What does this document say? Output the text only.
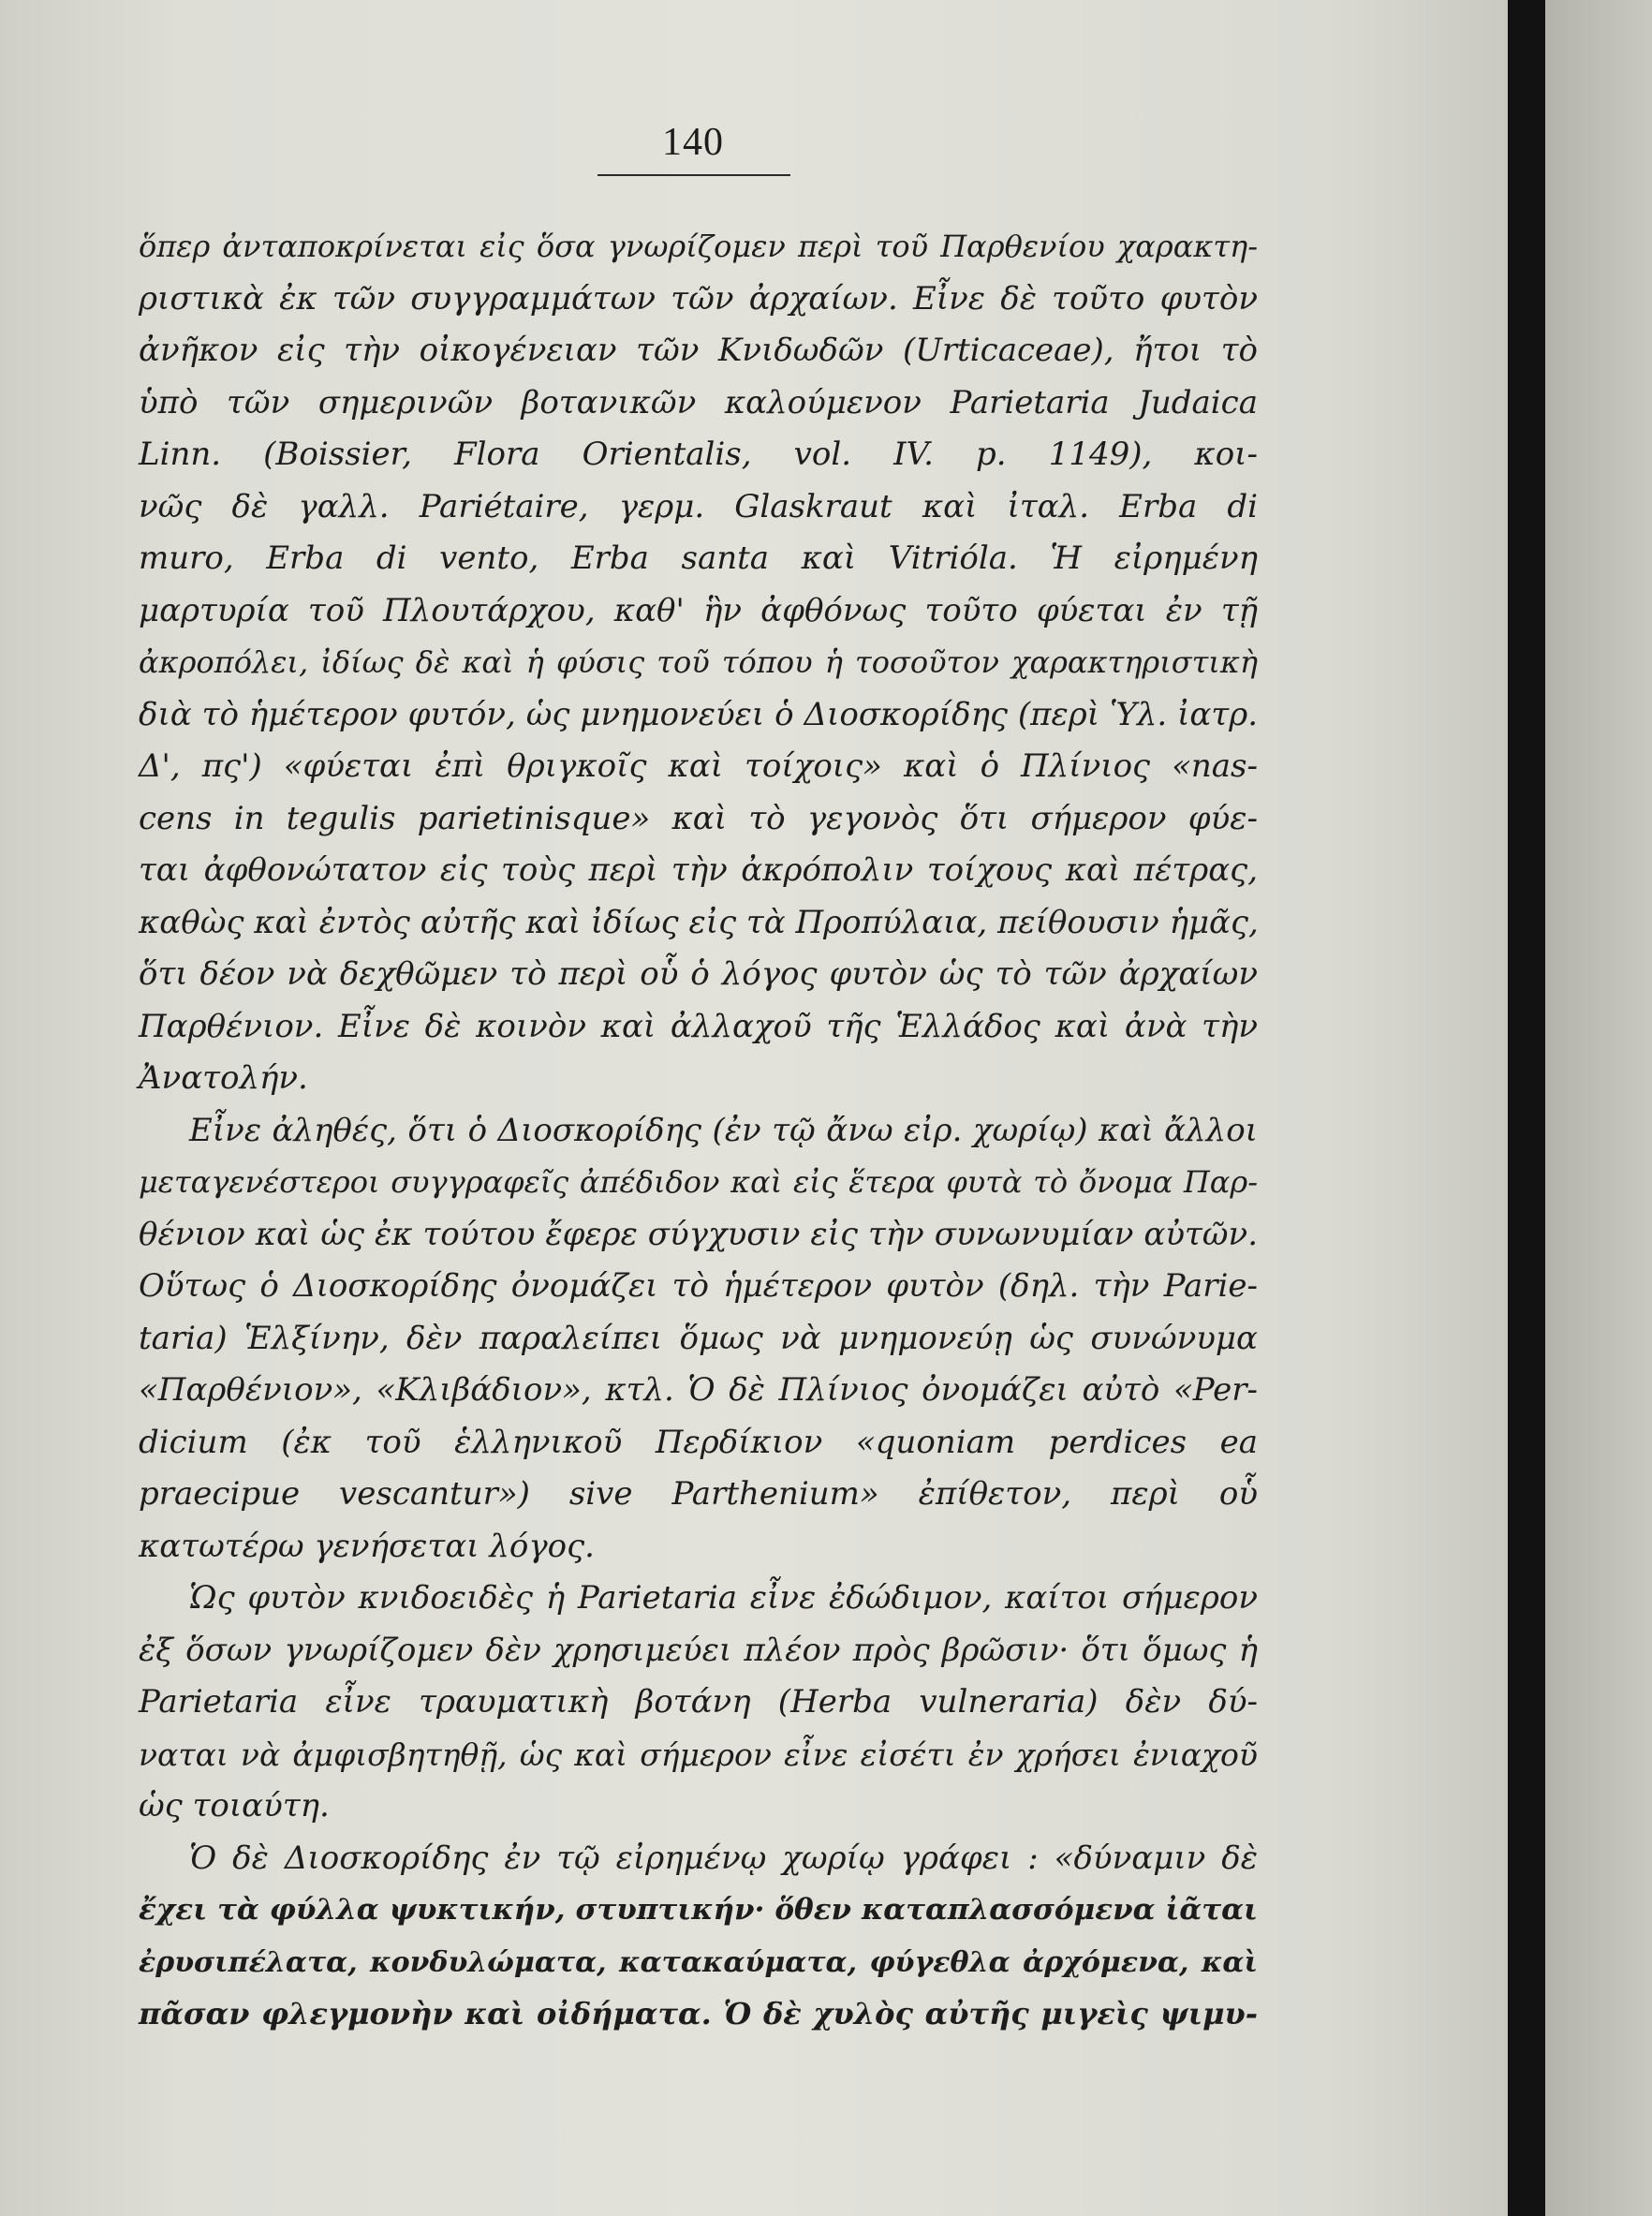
140
ὅπερ ἀνταποκρίνεται εἰς ὅσα γνωρίζομεν περὶ τοῦ Παρθενίου χαρακτη-
ριστικὰ ἐκ τῶν συγγραμμάτων τῶν ἀρχαίων. Εἶνε δὲ τοῦτο φυτὸν
ἀνῆκον εἰς τὴν οἰκογένειαν τῶν Κνιδωδῶν (Urticaceae), ἤτοι τὸ
ὑπὸ τῶν σημερινῶν βοτανικῶν καλούμενον Parietaria Judaica
Linn. (Boissier, Flora Orientalis, vol. IV. p. 1149), κοι-
νῶς δὲ γαλλ. Pariétaire, γερμ. Glaskraut καὶ ἰταλ. Erba di
muro, Erba di vento, Erba santa καὶ Vitrióla. Ἡ εἰρημένη
μαρτυρία τοῦ Πλουτάρχου, καθ' ἣν ἀφθόνως τοῦτο φύεται ἐν τῇ
ἀκροπόλει, ἰδίως δὲ καὶ ἡ φύσις τοῦ τόπου ἡ τοσοῦτον χαρακτηριστικὴ
διὰ τὸ ἡμέτερον φυτόν, ὡς μνημονεύει ὁ Διοσκορίδης (περὶ Ὑλ. ἰατρ.
Δ', πς') «φύεται ἐπὶ θριγκοῖς καὶ τοίχοις» καὶ ὁ Πλίνιος «nas-
cens in tegulis parietinisque» καὶ τὸ γεγονὸς ὅτι σήμερον φύε-
ται ἀφθονώτατον εἰς τοὺς περὶ τὴν ἀκρόπολιν τοίχους καὶ πέτρας,
καθὼς καὶ ἐντὸς αὐτῆς καὶ ἰδίως εἰς τὰ Προπύλαια, πείθουσιν ἡμᾶς,
ὅτι δέον νὰ δεχθῶμεν τὸ περὶ οὗ ὁ λόγος φυτὸν ὡς τὸ τῶν ἀρχαίων
Παρθένιον. Εἶνε δὲ κοινὸν καὶ ἀλλαχοῦ τῆς Ἑλλάδος καὶ ἀνὰ τὴν
Ἀνατολήν.
Εἶνε ἀληθές, ὅτι ὁ Διοσκορίδης (ἐν τῷ ἄνω εἰρ. χωρίῳ) καὶ ἄλλοι
μεταγενέστεροι συγγραφεῖς ἀπέδιδον καὶ εἰς ἕτερα φυτὰ τὸ ὄνομα Παρ-
θένιον καὶ ὡς ἐκ τούτου ἔφερε σύγχυσιν εἰς τὴν συνωνυμίαν αὐτῶν.
Οὕτως ὁ Διοσκορίδης ὀνομάζει τὸ ἡμέτερον φυτὸν (δηλ. τὴν Parie-
taria) Ἑλξίνην, δὲν παραλείπει ὅμως νὰ μνημονεύῃ ὡς συνώνυμα
«Παρθένιον», «Κλιβάδιον», κτλ. Ὁ δὲ Πλίνιος ὀνομάζει αὐτὸ «Per-
dicium (ἐκ τοῦ ἑλληνικοῦ Περδίκιον «quoniam perdices ea
praecipue vescantur») sive Parthenium» ἐπίθετον, περὶ οὗ
κατωτέρω γενήσεται λόγος.
Ὡς φυτὸν κνιδοειδὲς ἡ Parietaria εἶνε ἐδώδιμον, καίτοι σήμερον
ἐξ ὅσων γνωρίζομεν δὲν χρησιμεύει πλέον πρὸς βρῶσιν· ὅτι ὅμως ἡ
Parietaria εἶνε τραυματικὴ βοτάνη (Herba vulneraria) δὲν δύ-
ναται νὰ ἀμφισβητηθῇ, ὡς καὶ σήμερον εἶνε εἰσέτι ἐν χρήσει ἐνιαχοῦ
ὡς τοιαύτη.
Ὁ δὲ Διοσκορίδης ἐν τῷ εἰρημένῳ χωρίῳ γράφει : «δύναμιν δὲ
ἔχει τὰ φύλλα ψυκτικήν, στυπτικήν· ὅθεν καταπλασσόμενα ἰᾶται
ἐρυσιπέλατα, κονδυλώματα, κατακαύματα, φύγεθλα ἀρχόμενα, καὶ
πᾶσαν φλεγμονὴν καὶ οἰδήματα. Ὁ δὲ χυλὸς αὐτῆς μιγεὶς ψιμυ-
